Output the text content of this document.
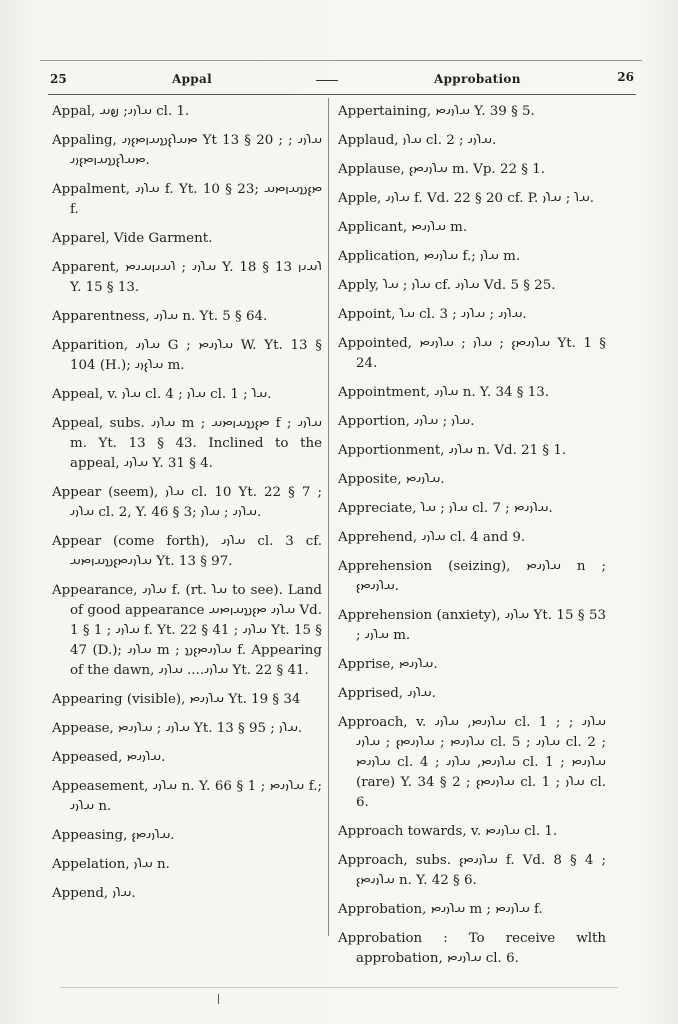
25	Appal	Approbation	26
Appal, 𐬀𐬭𐬎𐬌; 𐬞𐬀 cl. 1.
Appaling, 𐬙𐬀𐬭𐬆𐬯𐬀𐬥𐬙𐬆𐬎𐬌 Yt 13 § 20 ; 𐬀𐬭𐬎𐬌 ; 𐬙𐬀𐬭𐬆𐬯𐬀𐬥𐬙𐬆𐬎𐬌.
Appalment, 𐬀𐬭𐬎𐬌 f. Yt. 10 § 23; 𐬙𐬆𐬯𐬀𐬥𐬙𐬀 f.
Apparel, Vide Garment.
Apparent, 𐬀𐬭𐬎𐬌 ; 𐬭𐬀𐬌𐬥𐬀𐬌𐬙 Y. 18 § 13 𐬭𐬀𐬌𐬥 Y. 15 § 13.
Apparentness, 𐬀𐬭𐬎𐬌 n. Yt. 5 § 64.
Apparition, 𐬀𐬭𐬎𐬌 G ; 𐬀𐬭𐬎𐬌𐬙 W. Yt. 13 § 104 (H.); 𐬀𐬭𐬆𐬎𐬌 m.
Appeal, v. 𐬀𐬭𐬎 cl. 4 ; 𐬀𐬭𐬎 cl. 1 ; 𐬀𐬭.
Appeal, subs. 𐬀𐬭𐬎𐬌 m ; 𐬙𐬆𐬯𐬀𐬥𐬙𐬀 f ; 𐬀𐬭𐬎𐬌 m. Yt. 13 § 43. Inclined to the appeal, 𐬀𐬭𐬎𐬌 Y. 31 § 4.
Appear (seem), 𐬀𐬭𐬎 cl. 10 Yt. 22 § 7 ; 𐬀𐬭𐬎𐬌 cl. 2, Y. 46 § 3; 𐬀𐬭𐬎𐬌 ; 𐬀𐬭𐬎.
Appear (come forth), 𐬀𐬭𐬎𐬌 cl. 3 cf. 𐬀𐬭𐬎𐬌𐬙𐬆𐬯𐬀𐬥𐬙𐬀 Yt. 13 § 97.
Appearance, 𐬀𐬭𐬎𐬌 f. (rt. 𐬀𐬭 to see). Land of good appearance 𐬀𐬭𐬎𐬌 𐬙𐬆𐬯𐬀𐬥𐬙𐬀 Vd. 1 § 1 ; 𐬀𐬭𐬎𐬌 f. Yt. 22 § 41 ; 𐬀𐬭𐬎𐬌 Yt. 15 § 47 (D.); 𐬀𐬭𐬎𐬌 m ; 𐬀𐬭𐬎𐬌𐬙𐬆𐬯 f. Appearing of the dawn, 𐬀𐬭𐬎𐬌.... 𐬀𐬭𐬎𐬌 Yt. 22 § 41.
Appearing (visible), 𐬀𐬭𐬎𐬌𐬙 Yt. 19 § 34
Appease, 𐬀𐬭𐬎𐬌 ; 𐬀𐬭𐬎𐬌𐬙 Yt. 13 § 95 ; 𐬀𐬭𐬎.
Appeased, 𐬀𐬭𐬎𐬌𐬙.
Appeasement, 𐬀𐬭𐬎𐬌 n. Y. 66 § 1 ; 𐬀𐬭𐬎𐬌𐬙 f.; 𐬀𐬭𐬎𐬌 n.
Appeasing, 𐬀𐬭𐬎𐬌𐬙𐬆.
Appelation, 𐬀𐬭𐬎 n.
Append, 𐬀𐬭𐬎.
Appertaining, 𐬀𐬭𐬎𐬌𐬙 Y. 39 § 5.
Applaud, 𐬀𐬭𐬎 cl. 2 ; 𐬀𐬭𐬎𐬌.
Applause, 𐬀𐬭𐬎𐬌𐬙𐬆 m. Vp. 22 § 1.
Apple, 𐬀𐬭𐬎𐬌 f. Vd. 22 § 20 cf. P. 𐬀𐬭 ; 𐬀𐬭𐬎.
Applicant, 𐬀𐬭𐬎𐬌𐬙 m.
Application, 𐬀𐬭𐬎𐬌𐬙 f.; 𐬀𐬭𐬎 m.
Apply, 𐬀𐬭𐬎 ; 𐬀𐬭 cf. 𐬀𐬭𐬎𐬌 Vd. 5 § 25.
Appoint, 𐬀𐬭 cl. 3 ; 𐬀𐬭𐬎𐬌 ; 𐬀𐬭𐬎𐬌.
Appointed, 𐬀𐬭𐬎𐬌𐬙𐬆 ; 𐬀𐬭𐬎 ; 𐬀𐬭𐬎𐬌𐬙 Yt. 1 § 24.
Appointment, 𐬀𐬭𐬎𐬌 n. Y. 34 § 13.
Apportion, 𐬀𐬭𐬎 ; 𐬀𐬭𐬎𐬌.
Apportionment, 𐬀𐬭𐬎𐬌 n. Vd. 21 § 1.
Apposite, 𐬀𐬭𐬎𐬌𐬙.
Appreciate, 𐬀𐬭𐬎 ; 𐬀𐬭 cl. 7 ; 𐬀𐬭𐬎𐬌𐬙.
Apprehend, 𐬀𐬭𐬎𐬌 cl. 4 and 9.
Apprehension (seizing), 𐬀𐬭𐬎𐬌𐬙 n ; 𐬀𐬭𐬎𐬌𐬙𐬆.
Apprehension (anxiety), 𐬀𐬭𐬎𐬌 Yt. 15 § 53 ; 𐬀𐬭𐬎𐬌 m.
Apprise, 𐬀𐬭𐬎𐬌𐬙.
Apprised, 𐬀𐬭𐬎𐬌.
Approach, v. 𐬀𐬭𐬎𐬌𐬙, 𐬀𐬭𐬎𐬌 cl. 1 ; 𐬀𐬭𐬎𐬌 ; 𐬀𐬭𐬎𐬌𐬙 ; 𐬀𐬭𐬎𐬌𐬙𐬆 ; 𐬀𐬭𐬎𐬌 cl. 5 ; 𐬀𐬭𐬎𐬌 cl. 2 ; 𐬀𐬭𐬎𐬌𐬙 cl. 4 ; 𐬀𐬭𐬎𐬌𐬙, 𐬀𐬭𐬎𐬌 cl. 1 ; 𐬀𐬭𐬎𐬌𐬙 (rare) Y. 34 § 2 ; 𐬀𐬭𐬎𐬌𐬙𐬆 cl. 1 ; 𐬀𐬭𐬎 cl. 6.
Approach towards, v. 𐬀𐬭𐬎𐬌𐬙 cl. 1.
Approach, subs. 𐬀𐬭𐬎𐬌𐬙𐬆 f. Vd. 8 § 4 ; 𐬀𐬭𐬎𐬌𐬙𐬆 n. Y. 42 § 6.
Approbation, 𐬀𐬭𐬎𐬌𐬙 m ; 𐬀𐬭𐬎𐬌𐬙 f.
Approbation : To receive wlth approbation, 𐬀𐬭𐬎𐬌𐬙 cl. 6.
